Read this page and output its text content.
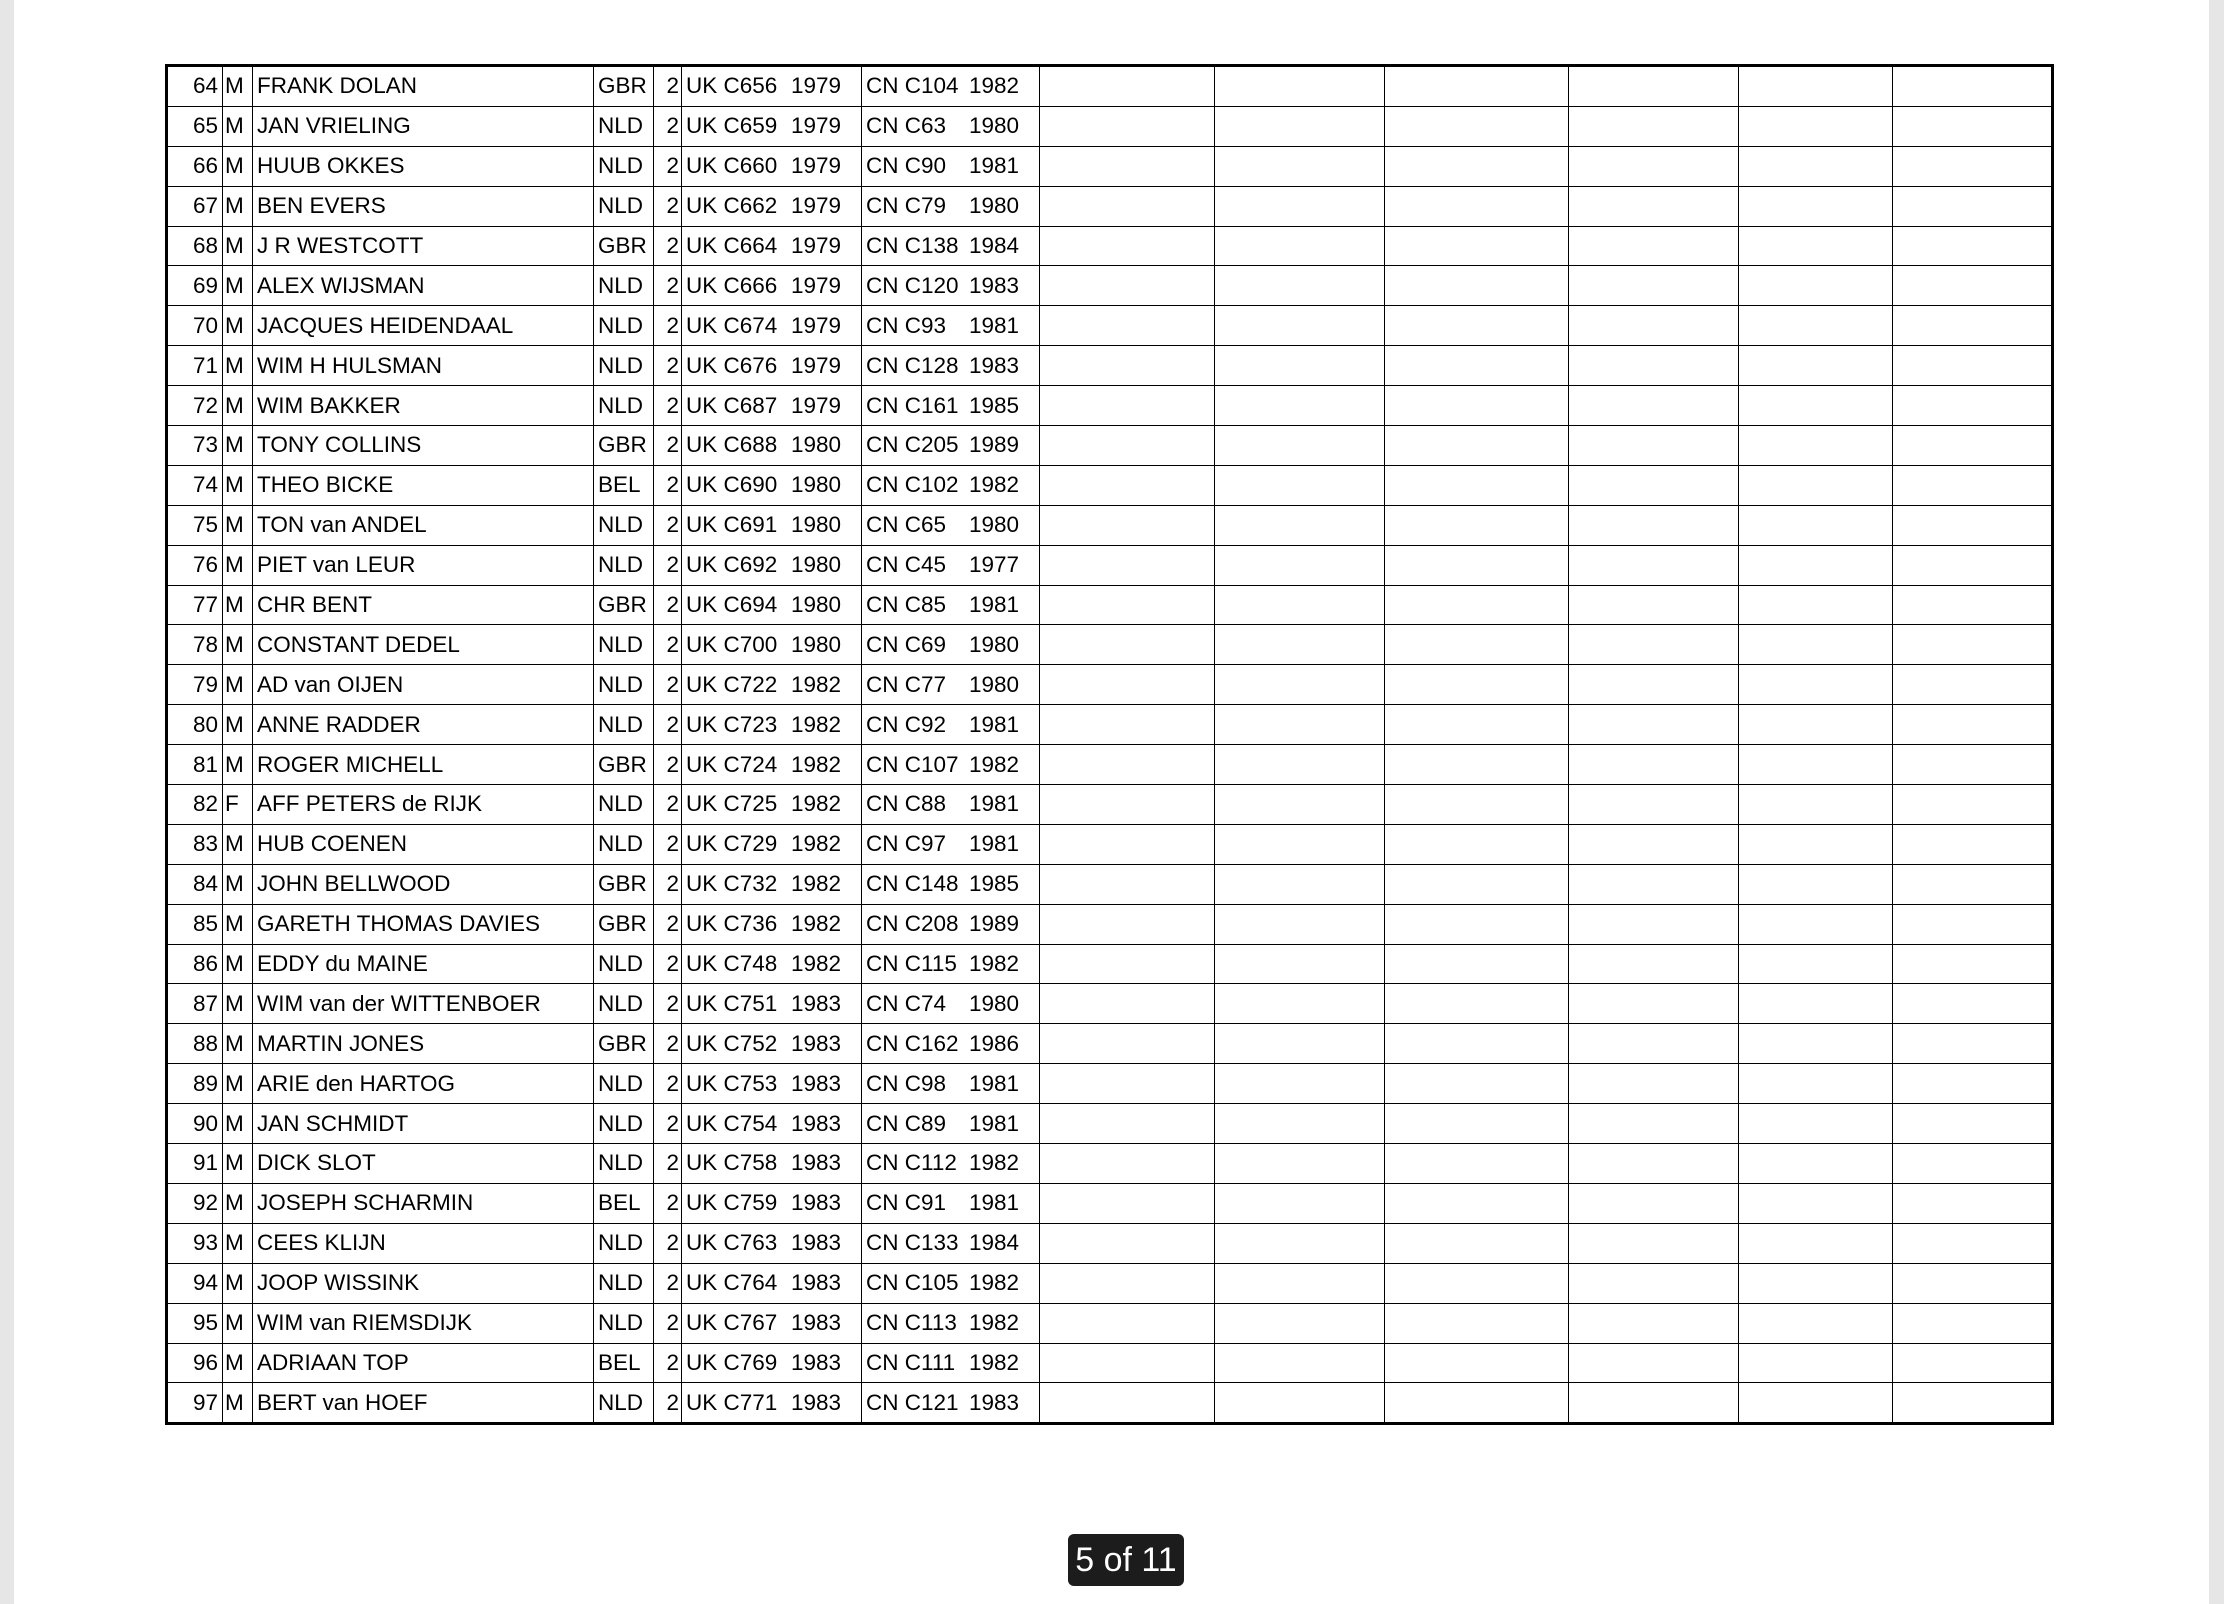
64	M	FRANK DOLAN	GBR	2	UK C656 1979	CN C104 1982						

65	M	JAN VRIELING	NLD	2	UK C659 1979	CN C63 1980						

66	M	HUUB OKKES	NLD	2	UK C660 1979	CN C90 1981						

67	M	BEN EVERS	NLD	2	UK C662 1979	CN C79 1980						

68	M	J R WESTCOTT	GBR	2	UK C664 1979	CN C138 1984						

69	M	ALEX WIJSMAN	NLD	2	UK C666 1979	CN C120 1983						

70	M	JACQUES HEIDENDAAL	NLD	2	UK C674 1979	CN C93 1981						

71	M	WIM H HULSMAN	NLD	2	UK C676 1979	CN C128 1983						

72	M	WIM BAKKER	NLD	2	UK C687 1979	CN C161 1985						

73	M	TONY COLLINS	GBR	2	UK C688 1980	CN C205 1989						

74	M	THEO BICKE	BEL	2	UK C690 1980	CN C102 1982						

75	M	TON van ANDEL	NLD	2	UK C691 1980	CN C65 1980						

76	M	PIET van LEUR	NLD	2	UK C692 1980	CN C45 1977						

77	M	CHR BENT	GBR	2	UK C694 1980	CN C85 1981						

78	M	CONSTANT DEDEL	NLD	2	UK C700 1980	CN C69 1980						

79	M	AD van OIJEN	NLD	2	UK C722 1982	CN C77 1980						

80	M	ANNE RADDER	NLD	2	UK C723 1982	CN C92 1981						

81	M	ROGER MICHELL	GBR	2	UK C724 1982	CN C107 1982						

82	F	AFF PETERS de RIJK	NLD	2	UK C725 1982	CN C88 1981						

83	M	HUB COENEN	NLD	2	UK C729 1982	CN C97 1981						

84	M	JOHN BELLWOOD	GBR	2	UK C732 1982	CN C148 1985						

85	M	GARETH THOMAS DAVIES	GBR	2	UK C736 1982	CN C208 1989						

86	M	EDDY du MAINE	NLD	2	UK C748 1982	CN C115 1982						

87	M	WIM van der WITTENBOER	NLD	2	UK C751 1983	CN C74 1980						

88	M	MARTIN JONES	GBR	2	UK C752 1983	CN C162 1986						

89	M	ARIE den HARTOG	NLD	2	UK C753 1983	CN C98 1981						

90	M	JAN SCHMIDT	NLD	2	UK C754 1983	CN C89 1981						

91	M	DICK SLOT	NLD	2	UK C758 1983	CN C112 1982						

92	M	JOSEPH SCHARMIN	BEL	2	UK C759 1983	CN C91 1981						

93	M	CEES KLIJN	NLD	2	UK C763 1983	CN C133 1984						

94	M	JOOP WISSINK	NLD	2	UK C764 1983	CN C105 1982						

95	M	WIM van RIEMSDIJK	NLD	2	UK C767 1983	CN C113 1982						

96	M	ADRIAAN TOP	BEL	2	UK C769 1983	CN C111 1982						

97	M	BERT van HOEF	NLD	2	UK C771 1983	CN C121 1983						

5 of 11
